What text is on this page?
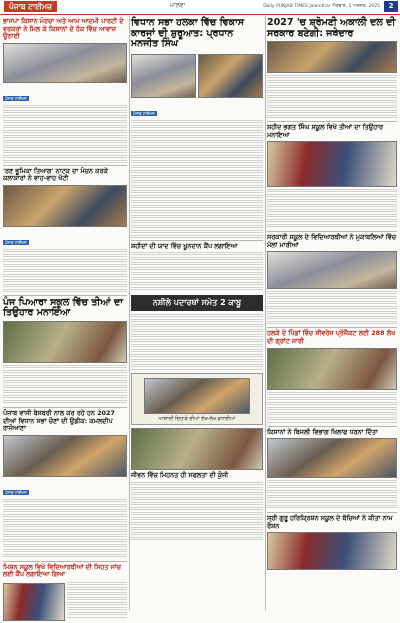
ਪੰਜਾਬ ਟਾਈਮਜ਼	ਮਾਲਵਾ	Daily PUNJAB TIMES Jalandhar ਐਤਵਾਰ, 3 ਅਗਸਤ, 2025	2
ਭਾਜਪਾ ਕਿਸਾਨ ਮੋਰਚਾ ਅਤੇ ਆਮ ਆਦਮੀ ਪਾਰਟੀ ਦੇ ਵਰਕਰਾਂ ਨੇ ਮਿਲ ਕੇ ਕਿਸਾਨਾਂ ਦੇ ਹੱਕ ਵਿੱਚ ਆਵਾਜ਼ ਉਠਾਈ
ਪੰਜਾਬ ਟਾਈਮਜ਼
'ਰਣ ਭੂਮਿਕਾ ਤਿਆਗ' ਨਾਟਕ ਦਾ ਮੰਚਨ ਕਰਕੇ ਕਲਾਕਾਰਾਂ ਨੇ ਵਾਹ-ਵਾਹ ਖੱਟੀ
ਪੰਜਾਬ ਟਾਈਮਜ਼
ਪੰਜ ਪਿਆਰਾ ਸਕੂਲ ਵਿੱਚ ਤੀਆਂ ਦਾ ਤਿਉਹਾਰ ਮਨਾਇਆ
ਪੰਜਾਬ ਵਾਸੀ ਬੇਸਬਰੀ ਨਾਲ ਕਰ ਰਹੇ ਹਨ 2027 ਦੀਆਂ ਵਿਧਾਨ ਸਭਾ ਚੋਣਾਂ ਦੀ ਉਡੀਕ: ਕਮਲਦੀਪ ਰਾਜੋਆਣਾ
ਪੰਜਾਬ ਟਾਈਮਜ਼
ਮਿਸ਼ਨ ਸਕੂਲ ਵਿਖੇ ਵਿਦਿਆਰਥੀਆਂ ਦੀ ਸਿਹਤ ਜਾਂਚ ਲਈ ਕੈਂਪ ਲਗਾਇਆ ਗਿਆ
ਵਿਧਾਨ ਸਭਾ ਹਲਕਾ ਵਿੱਚ ਵਿਕਾਸ ਕਾਰਜਾਂ ਦੀ ਸ਼ੁਰੂਆਤ: ਪ੍ਰਧਾਨ ਮਨਜੀਤ ਸਿੰਘ
ਪੰਜਾਬ ਟਾਈਮਜ਼
ਸ਼ਹੀਦਾਂ ਦੀ ਯਾਦ ਵਿੱਚ ਖੂਨਦਾਨ ਕੈਂਪ ਲਗਾਇਆ
ਨਸ਼ੀਲੇ ਪਦਾਰਥਾਂ ਸਮੇਤ 2 ਕਾਬੂ
ਆਜ਼ਾਦੀ ਦਿਹਾੜੇ ਦੀਆਂ ਲੱਖ-ਲੱਖ ਵਧਾਈਆਂ
ਜੀਵਨ ਵਿੱਚ ਮਿਹਨਤ ਹੀ ਸਫਲਤਾ ਦੀ ਕੁੰਜੀ
2027 'ਚ ਸ਼੍ਰੋਮਣੀ ਅਕਾਲੀ ਦਲ ਦੀ ਸਰਕਾਰ ਬਣੇਗੀ: ਜਥੇਦਾਰ
ਸ਼ਹੀਦ ਭਗਤ ਸਿੰਘ ਸਕੂਲ ਵਿਖੇ ਤੀਆਂ ਦਾ ਤਿਉਹਾਰ ਮਨਾਇਆ
ਸਰਕਾਰੀ ਸਕੂਲ ਦੇ ਵਿਦਿਆਰਥੀਆਂ ਨੇ ਮੁਕਾਬਲਿਆਂ ਵਿੱਚ ਮੱਲਾਂ ਮਾਰੀਆਂ
ਹਲਕੇ ਦੇ ਪਿੰਡਾਂ ਵਿੱਚ ਸੀਵਰੇਜ ਪ੍ਰੋਜੈਕਟ ਲਈ 288 ਲੱਖ ਦੀ ਗ੍ਰਾਂਟ ਜਾਰੀ
ਕਿਸਾਨਾਂ ਨੇ ਬਿਜਲੀ ਵਿਭਾਗ ਖਿਲਾਫ ਧਰਨਾ ਦਿੱਤਾ
ਸ੍ਰੀ ਗੁਰੂ ਹਰਿਕ੍ਰਿਸ਼ਨ ਸਕੂਲ ਦੇ ਬੱਚਿਆਂ ਨੇ ਕੀਤਾ ਨਾਮ ਰੌਸ਼ਨ
